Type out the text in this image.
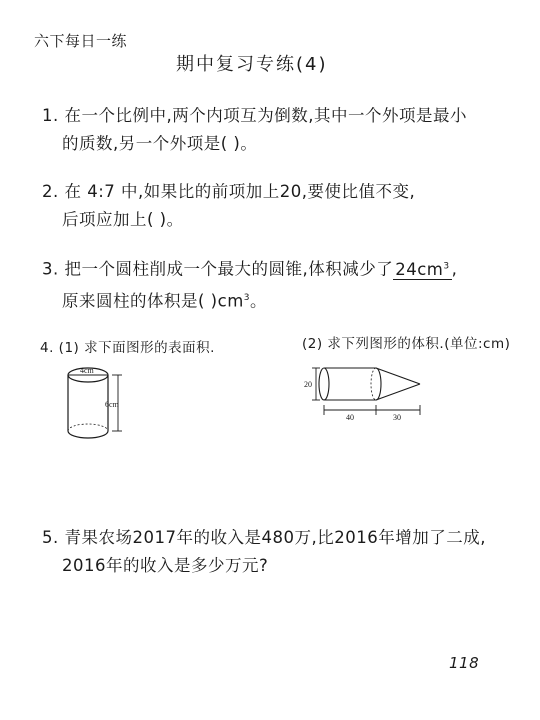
六下每日一练
期中复习专练(4)
1. 在一个比例中,两个内项互为倒数,其中一个外项是最小
的质数,另一个外项是( )。
2. 在 4:7 中,如果比的前项加上20,要使比值不变,
后项应加上( )。
3. 把一个圆柱削成一个最大的圆锥,体积减少了 $24cm^3$ ,
原来圆柱的体积是( )$cm^3$。
4. (1) 求下面图形的表面积.	(2) 求下列图形的体积.(单位:cm)
4cm
6cm
20
40	30
5. 青果农场2017年的收入是480万,比2016年增加了二成,
2016年的收入是多少万元?
118
